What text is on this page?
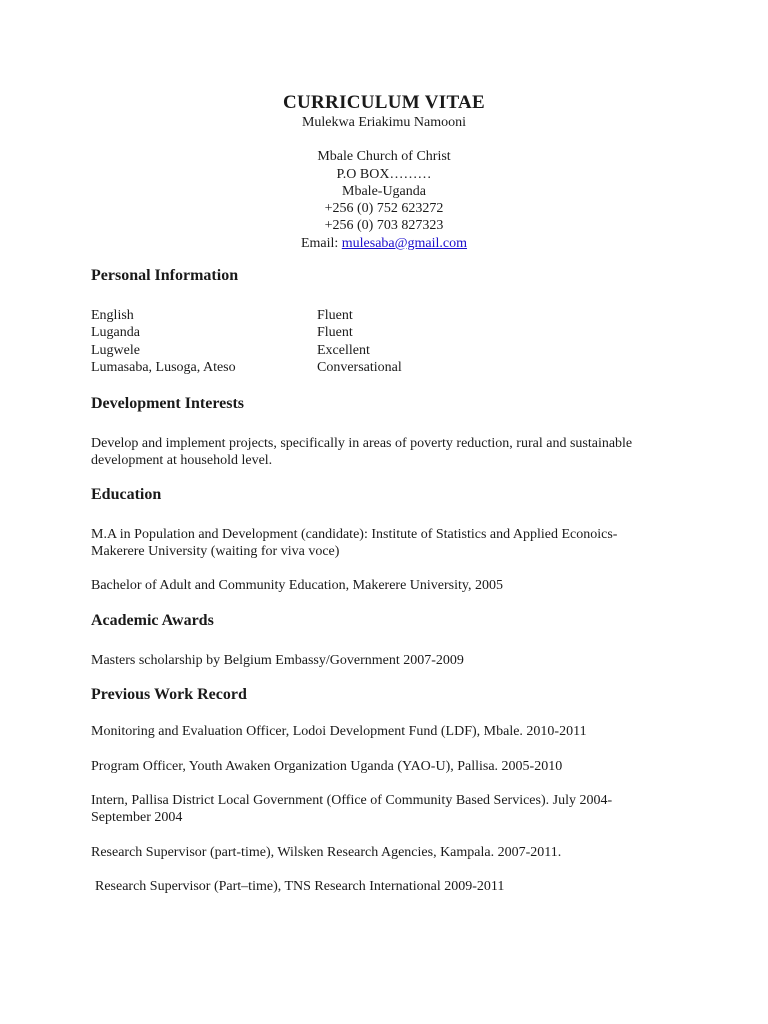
CURRICULUM VITAE

Mulekwa Eriakimu Namooni

Mbale Church of Christ

P.O BOX………

Mbale-Uganda

+256 (0) 752 623272

+256 (0) 703 827323

Email: mulesaba@gmail.com

Personal Information
English	Fluent
Luganda	Fluent
Lugwele	Excellent
Lumasaba, Lusoga, Ateso	Conversational
Development Interests

Develop and implement projects, specifically in areas of poverty reduction, rural and sustainable development at household level.

Education

M.A in Population and Development (candidate): Institute of Statistics and Applied Econoics-Makerere University (waiting for viva voce)

Bachelor of Adult and Community Education, Makerere University, 2005

Academic Awards

Masters scholarship by Belgium Embassy/Government 2007-2009

Previous Work Record

Monitoring and Evaluation Officer, Lodoi Development Fund (LDF), Mbale. 2010-2011

Program Officer, Youth Awaken Organization Uganda (YAO-U), Pallisa. 2005-2010

Intern, Pallisa District Local Government (Office of Community Based Services). July 2004-September 2004

Research Supervisor (part-time), Wilsken Research Agencies, Kampala. 2007-2011.

Research Supervisor (Part–time), TNS Research International 2009-2011
